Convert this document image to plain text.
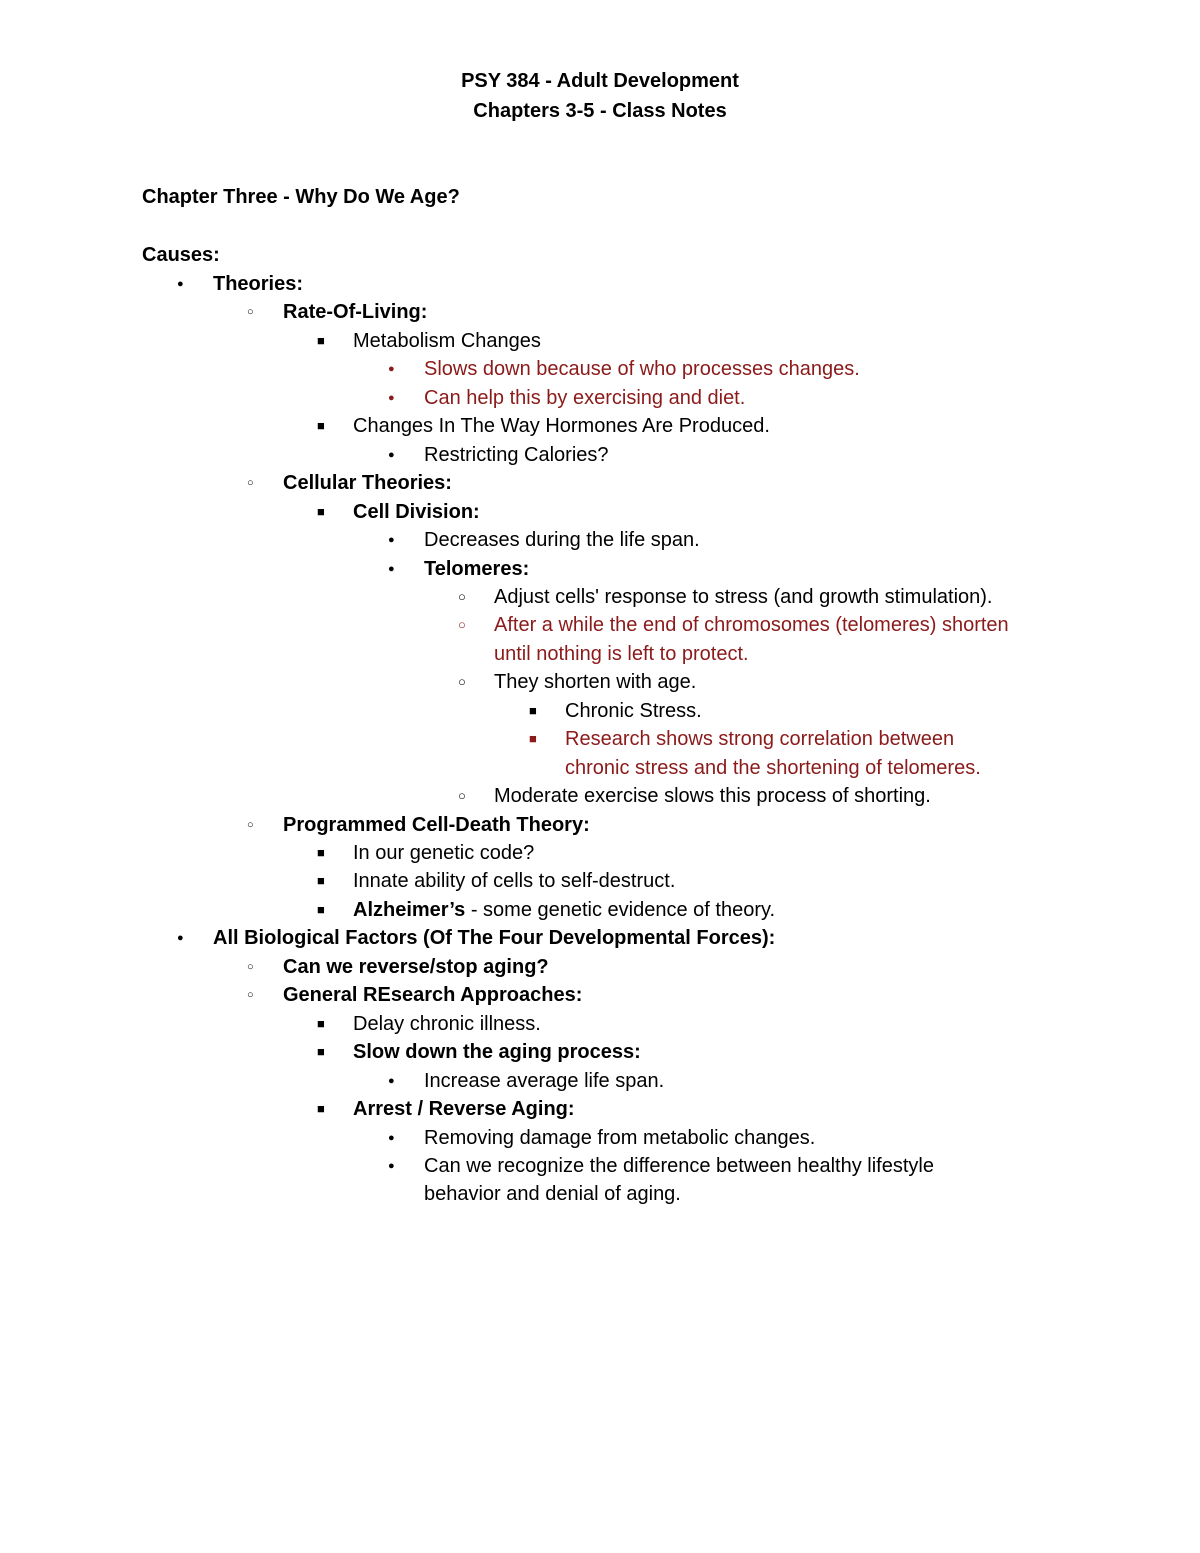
PSY 384 - Adult Development
Chapters 3-5 - Class Notes
Chapter Three - Why Do We Age?
Causes:
● Theories:
○ Rate-Of-Living:
■ Metabolism Changes
● Slows down because of who processes changes.
● Can help this by exercising and diet.
■ Changes In The Way Hormones Are Produced.
● Restricting Calories?
○ Cellular Theories:
■ Cell Division:
● Decreases during the life span.
● Telomeres:
○ Adjust cells' response to stress (and growth stimulation).
○ After a while the end of chromosomes (telomeres) shorten
until nothing is left to protect.
○ They shorten with age.
■ Chronic Stress.
■ Research shows strong correlation between
chronic stress and the shortening of telomeres.
○ Moderate exercise slows this process of shorting.
○ Programmed Cell-Death Theory:
■ In our genetic code?
■ Innate ability of cells to self-destruct.
■ Alzheimer’s - some genetic evidence of theory.
● All Biological Factors (Of The Four Developmental Forces):
○ Can we reverse/stop aging?
○ General REsearch Approaches:
■ Delay chronic illness.
■ Slow down the aging process:
● Increase average life span.
■ Arrest / Reverse Aging:
● Removing damage from metabolic changes.
● Can we recognize the difference between healthy lifestyle
behavior and denial of aging.
